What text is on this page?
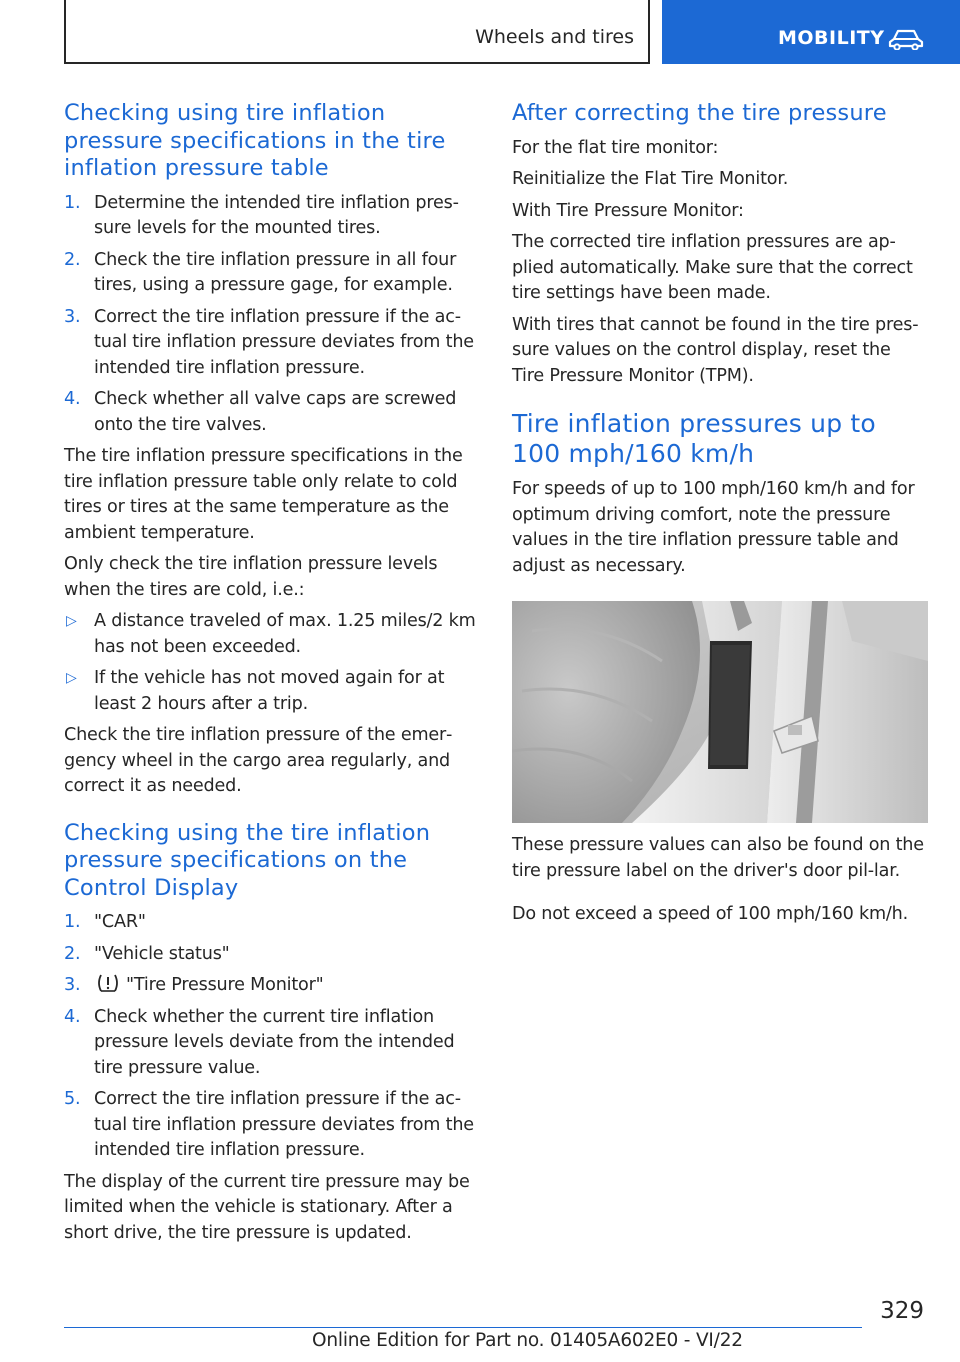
Wheels and tires	MOBILITY
Checking using tire inflation pressure specifications in the tire inflation pressure table
1. Determine the intended tire inflation pres‐sure levels for the mounted tires.
2. Check the tire inflation pressure in all four tires, using a pressure gage, for example.
3. Correct the tire inflation pressure if the ac‐tual tire inflation pressure deviates from the intended tire inflation pressure.
4. Check whether all valve caps are screwed onto the tire valves.

The tire inflation pressure specifications in the tire inflation pressure table only relate to cold tires or tires at the same temperature as the ambient temperature.

Only check the tire inflation pressure levels when the tires are cold, i.e.:

▷ A distance traveled of max. 1.25 miles/2 km has not been exceeded.
▷ If the vehicle has not moved again for at least 2 hours after a trip.

Check the tire inflation pressure of the emer‐gency wheel in the cargo area regularly, and correct it as needed.

Checking using the tire inflation pressure specifications on the Control Display
1. "CAR"
2. "Vehicle status"
3.	"Tire Pressure Monitor"
4. Check whether the current tire inflation pressure levels deviate from the intended tire pressure value.
5. Correct the tire inflation pressure if the ac‐tual tire inflation pressure deviates from the intended tire inflation pressure.

The display of the current tire pressure may be limited when the vehicle is stationary. After a short drive, the tire pressure is updated.

After correcting the tire pressure

For the flat tire monitor:

Reinitialize the Flat Tire Monitor.

With Tire Pressure Monitor:

The corrected tire inflation pressures are ap‐plied automatically. Make sure that the correct tire settings have been made.

With tires that cannot be found in the tire pres‐sure values on the control display, reset the Tire Pressure Monitor (TPM).

Tire inflation pressures up to 100 mph/160 km/h

For speeds of up to 100 mph/160 km/h and for optimum driving comfort, note the pressure values in the tire inflation pressure table and adjust as necessary.

These pressure values can also be found on the tire pressure label on the driver's door pil‐lar.

Do not exceed a speed of 100 mph/160 km/h.

329
Online Edition for Part no. 01405A602E0 - VI/22
